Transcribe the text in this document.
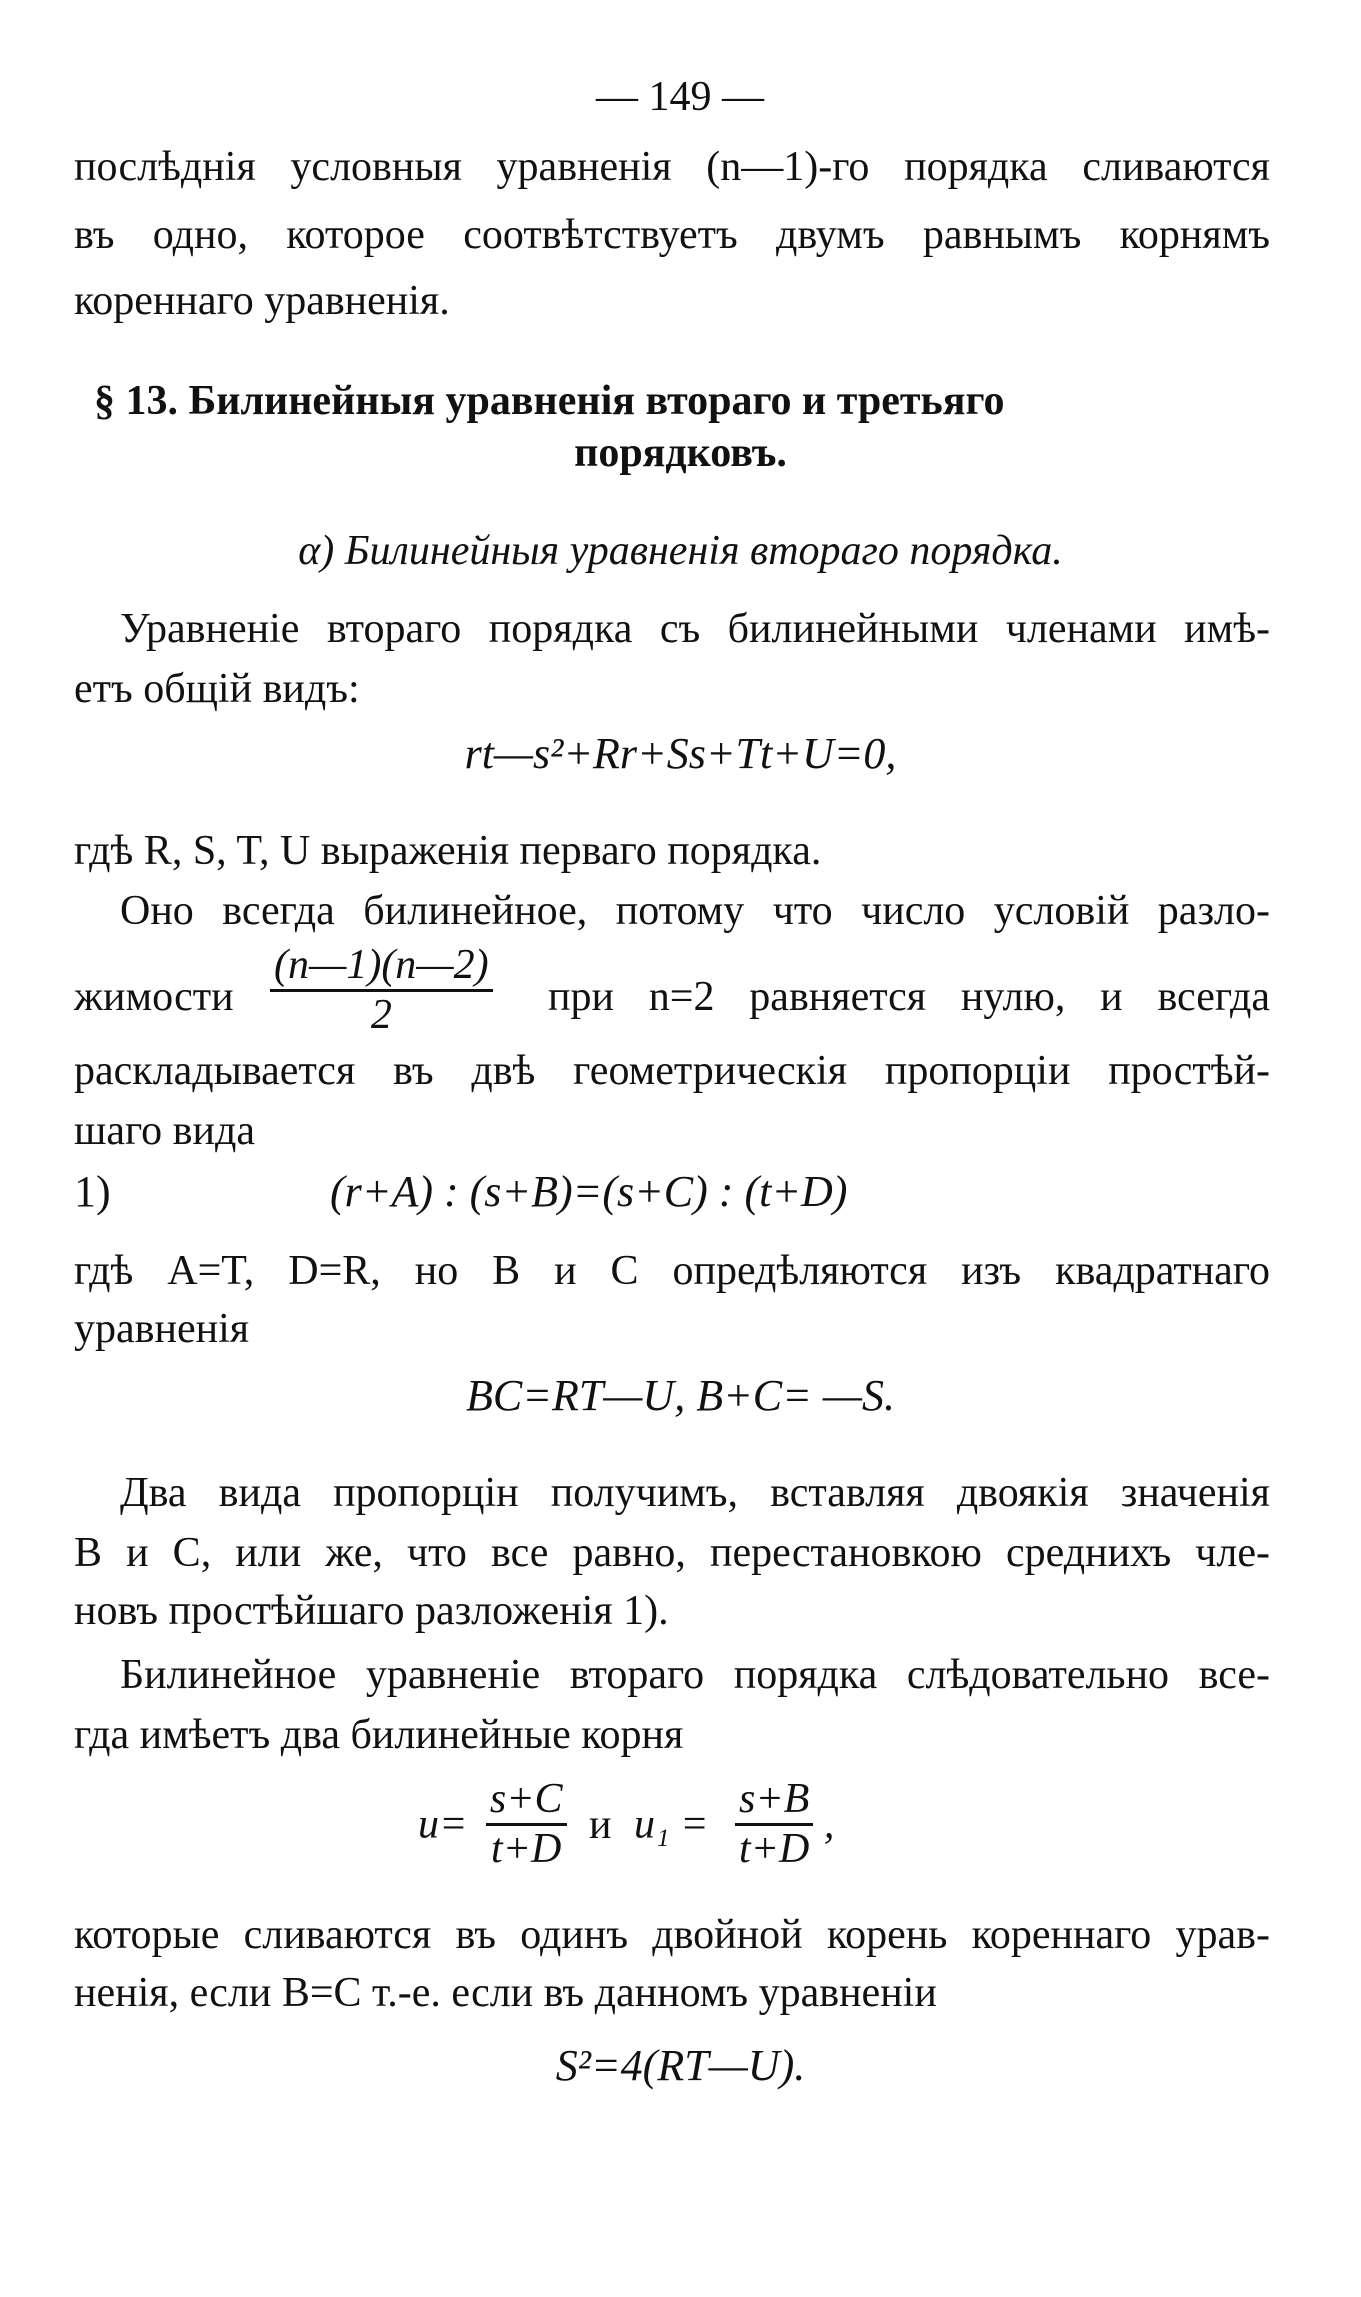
— 149 —
послѣднія условныя уравненія (n—1)-го порядка сливаются
въ одно, которое соотвѣтствуетъ двумъ равнымъ корнямъ
кореннаго уравненія.
§ 13. Билинейныя уравненія втораго и третьяго
порядковъ.
α) Билинейныя уравненія втораго порядка.
Уравненіе втораго порядка съ билинейными членами имѣ-
етъ общій видъ:
rt—s²+Rr+Ss+Tt+U=0,
гдѣ R, S, T, U выраженія перваго порядка.
Оно всегда билинейное, потому что число условій разло-
жимости $\frac{(n—1)(n—2)}{2}$ при n=2 равняется нулю, и всегда
раскладывается въ двѣ геометрическія пропорціи простѣй-
шаго вида
1)	(r+A) : (s+B)=(s+C) : (t+D)
гдѣ A=T, D=R, но B и C опредѣляются изъ квадратнаго
уравненія
BC=RT—U, B+C= —S.
Два вида пропорцін получимъ, вставляя двоякія значенія
B и C, или же, что все равно, перестановкою среднихъ чле-
новъ простѣйшаго разложенія 1).
Билинейное уравненіе втораго порядка слѣдовательно все-
гда имѣетъ два билинейные корня
$u= \frac{s+C}{t+D}$ и $u_1 = \frac{s+B}{t+D}$ ,
которые сливаются въ одинъ двойной корень кореннаго урав-
ненія, если B=C т.-е. если въ данномъ уравненіи
S²=4(RT—U).
